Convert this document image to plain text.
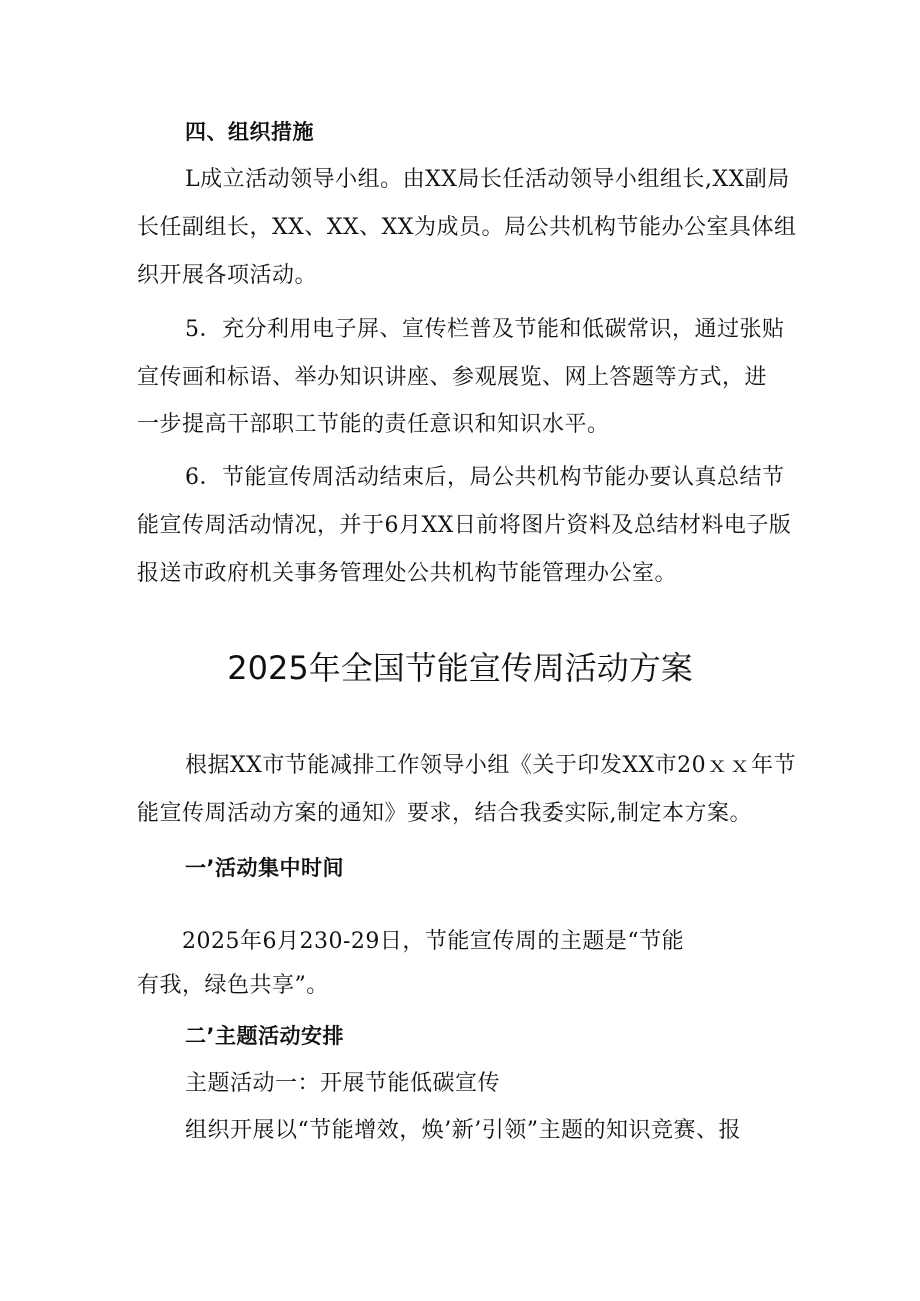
四、组织措施
L成立活动领导小组。由XX局长任活动领导小组组长,XX副局
长任副组长，XX、XX、XX为成员。局公共机构节能办公室具体组
织开展各项活动。
5．充分利用电子屏、宣传栏普及节能和低碳常识，通过张贴
宣传画和标语、举办知识讲座、参观展览、网上答题等方式，进
一步提高干部职工节能的责任意识和知识水平。
6．节能宣传周活动结束后，局公共机构节能办要认真总结节
能宣传周活动情况，并于6月XX日前将图片资料及总结材料电子版
报送市政府机关事务管理处公共机构节能管理办公室。
2025年全国节能宣传周活动方案
根据XX市节能减排工作领导小组《关于印发XX市20ｘｘ年节
能宣传周活动方案的通知》要求，结合我委实际,制定本方案。
一’活动集中时间
2025年6月230-29日，节能宣传周的主题是“节能
有我，绿色共享”。
二’主题活动安排
主题活动一：开展节能低碳宣传
组织开展以“节能增效，焕’新’引领”主题的知识竞赛、报
